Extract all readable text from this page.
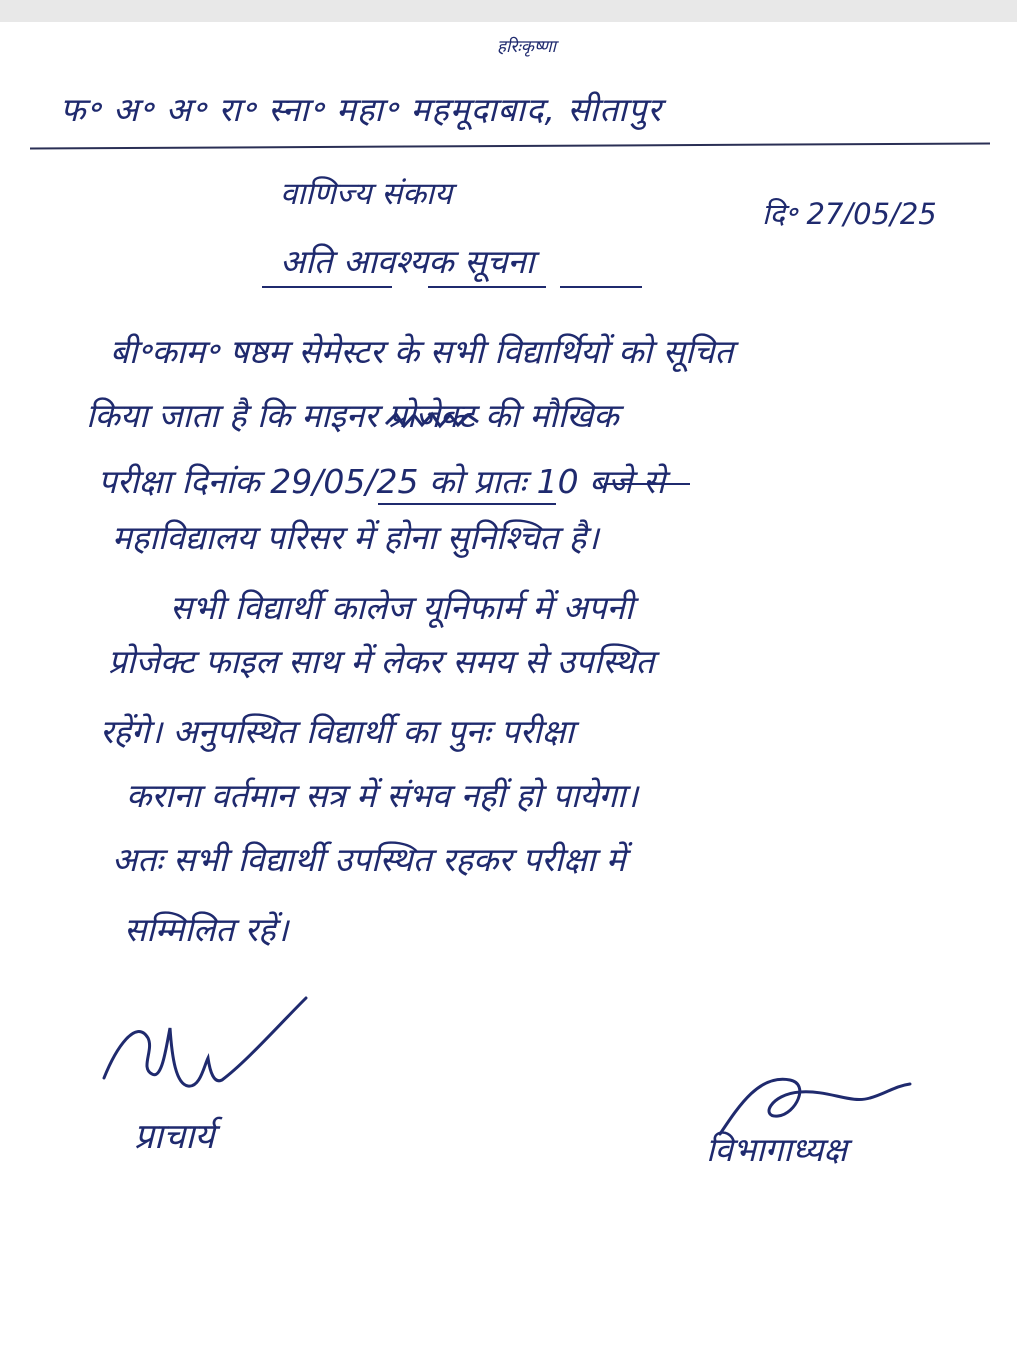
हरिःकृष्णा
फ॰ अ॰ अ॰ रा॰ स्ना॰ महा॰ महमूदाबाद, सीतापुर
वाणिज्य संकाय
दि॰ 27/05/25
अति आवश्यक सूचना
बी॰काम॰ षष्ठम सेमेस्टर के सभी विद्यार्थियों को सूचित
किया जाता है कि माइनर प्रोजेक्ट की मौखिक
परीक्षा दिनांक 29/05/25 को प्रातः 10 बजे से
महाविद्यालय परिसर में होना सुनिश्चित है।
सभी विद्यार्थी कालेज यूनिफार्म में अपनी
प्रोजेक्ट फाइल साथ में लेकर समय से उपस्थित
रहेंगे। अनुपस्थित विद्यार्थी का पुनः परीक्षा
कराना वर्तमान सत्र में संभव नहीं हो पायेगा।
अतः सभी विद्यार्थी उपस्थित रहकर परीक्षा में
सम्मिलित रहें।
प्राचार्य	विभागाध्यक्ष
